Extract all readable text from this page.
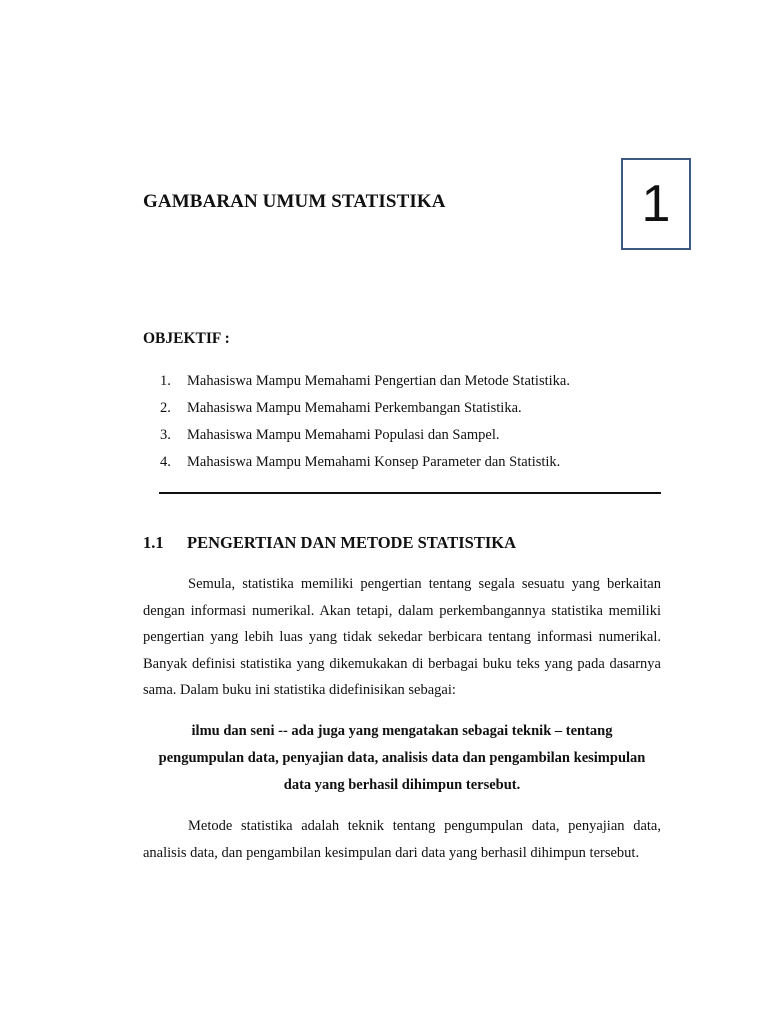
GAMBARAN UMUM STATISTIKA	1
OBJEKTIF :
1.	Mahasiswa Mampu Memahami Pengertian dan Metode Statistika.
2.	Mahasiswa Mampu Memahami Perkembangan Statistika.
3.	Mahasiswa Mampu Memahami Populasi dan Sampel.
4.	Mahasiswa Mampu Memahami Konsep Parameter dan Statistik.
1.1	PENGERTIAN DAN METODE STATISTIKA

Semula, statistika memiliki pengertian tentang segala sesuatu yang berkaitan
dengan informasi numerikal. Akan tetapi, dalam perkembangannya statistika memiliki
pengertian yang lebih luas yang tidak sekedar berbicara tentang informasi numerikal.
Banyak definisi statistika yang dikemukakan di berbagai buku teks yang pada dasarnya
sama. Dalam buku ini statistika didefinisikan sebagai:

ilmu dan seni -- ada juga yang mengatakan sebagai teknik – tentang
pengumpulan data, penyajian data, analisis data dan pengambilan kesimpulan
data yang berhasil dihimpun tersebut.

Metode statistika adalah teknik tentang pengumpulan data, penyajian data,
analisis data, dan pengambilan kesimpulan dari data yang berhasil dihimpun tersebut.
